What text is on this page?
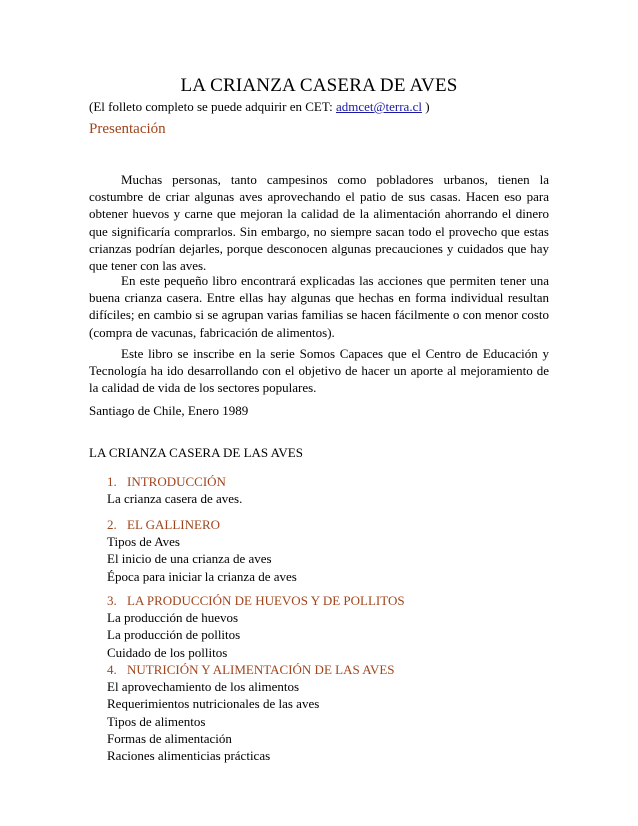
LA CRIANZA CASERA DE AVES
(El folleto completo se puede adquirir en CET: admcet@terra.cl )
Presentación

Muchas personas, tanto campesinos como pobladores urbanos, tienen la costumbre de criar algunas aves aprovechando el patio de sus casas. Hacen eso para obtener huevos y carne que mejoran la calidad de la alimentación ahorrando el dinero que significaría comprarlos. Sin embargo, no siempre sacan todo el provecho que estas crianzas podrían dejarles, porque desconocen algunas precauciones y cuidados que hay que tener con las aves.

En este pequeño libro encontrará explicadas las acciones que permiten tener una buena crianza casera. Entre ellas hay algunas que hechas en forma individual resultan difíciles; en cambio si se agrupan varias familias se hacen fácilmente o con menor costo (compra de vacunas, fabricación de alimentos).

Este libro se inscribe en la serie Somos Capaces que el Centro de Educación y Tecnología ha ido desarrollando con el objetivo de hacer un aporte al mejoramiento de la calidad de vida de los sectores populares.

Santiago de Chile, Enero 1989
LA CRIANZA CASERA DE LAS AVES
1. INTRODUCCIÓN
La crianza casera de aves.
2. EL GALLINERO
Tipos de Aves
El inicio de una crianza de aves
Época para iniciar la crianza de aves
3. LA PRODUCCIÓN DE HUEVOS Y DE POLLITOS
La producción de huevos
La producción de pollitos
Cuidado de los pollitos
4. NUTRICIÓN Y ALIMENTACIÓN DE LAS AVES
El aprovechamiento de los alimentos
Requerimientos nutricionales de las aves
Tipos de alimentos
Formas de alimentación
Raciones alimenticias prácticas
